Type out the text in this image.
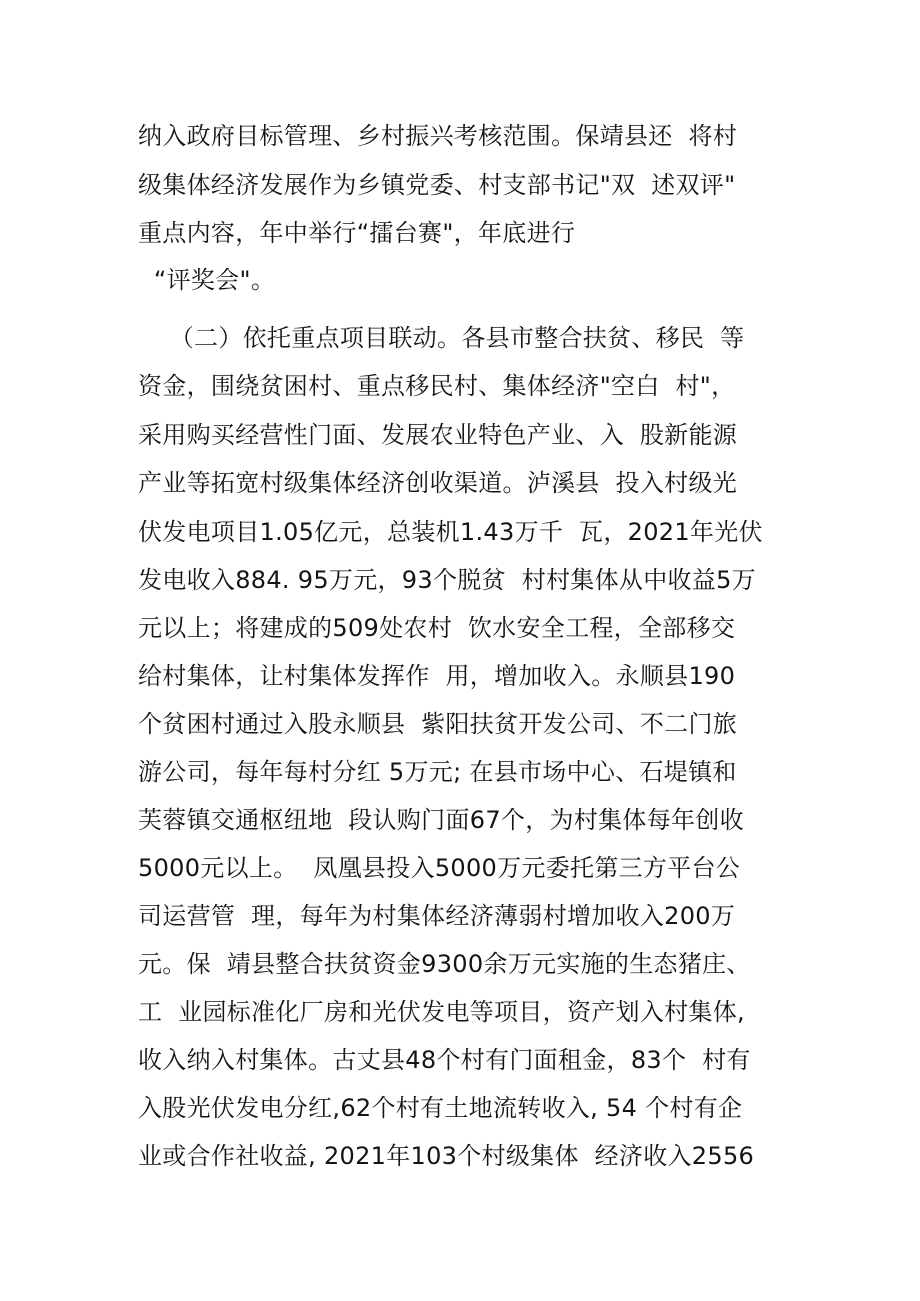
纳入政府目标管理、乡村振兴考核范围。保靖县还  将村
级集体经济发展作为乡镇党委、村支部书记"双  述双评"
重点内容，年中举行“擂台赛"，年底进行
“评奖会"。
（二）依托重点项目联动。各县市整合扶贫、移民  等
资金，围绕贫困村、重点移民村、集体经济"空白  村"，
采用购买经营性门面、发展农业特色产业、入  股新能源
产业等拓宽村级集体经济创收渠道。泸溪县  投入村级光
伏发电项目1.05亿元，总装机1.43万千  瓦，2021年光伏
发电收入884. 95万元，93个脱贫  村村集体从中收益5万
元以上；将建成的509处农村  饮水安全工程，全部移交
给村集体，让村集体发挥作  用，增加收入。永顺县190
个贫困村通过入股永顺县  紫阳扶贫开发公司、不二门旅
游公司，每年每村分红 5万元; 在县市场中心、石堤镇和
芙蓉镇交通枢纽地  段认购门面67个，为村集体每年创收
5000元以上。  凤凰县投入5000万元委托第三方平台公
司运营管  理，每年为村集体经济薄弱村增加收入200万
元。保  靖县整合扶贫资金9300余万元实施的生态猪庄、
工  业园标准化厂房和光伏发电等项目，资产划入村集体,
收入纳入村集体。古丈县48个村有门面租金，83个  村有
入股光伏发电分红,62个村有土地流转收入, 54 个村有企
业或合作社收益, 2021年103个村级集体  经济收入2556
